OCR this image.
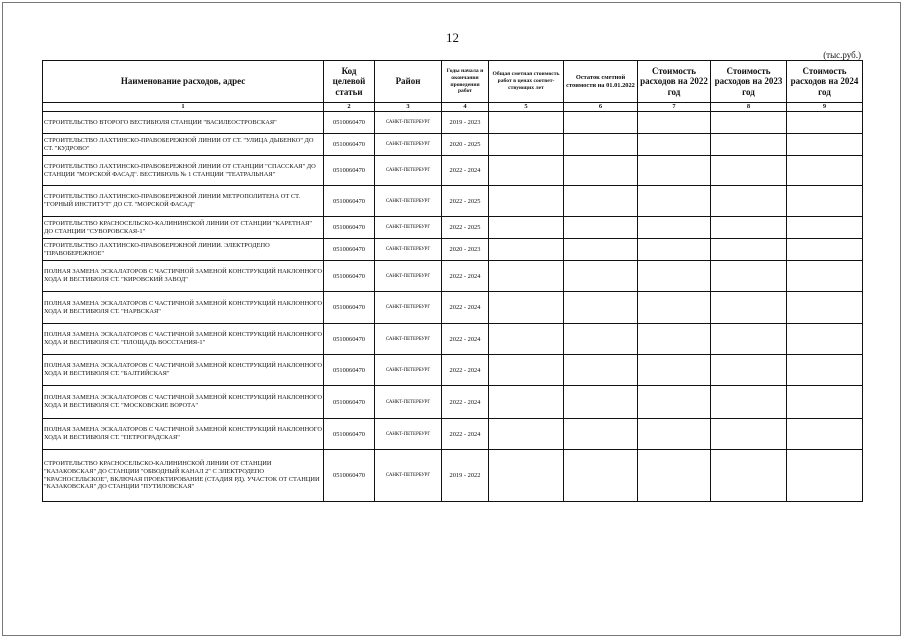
12
(тыс.руб.)
Наименование расходов, адрес	Код целевой статьи	Район	Годы начала и окончания проведения работ	Общая сметная стоимость работ в ценах соответ-ствующих лет	Остаток сметной стоимости на 01.01.2022	Стоимость расходов на 2022 год	Стоимость расходов на 2023 год	Стоимость расходов на 2024 год
1	2	3	4	5	6	7	8	9
СТРОИТЕЛЬСТВО ВТОРОГО ВЕСТИБЮЛЯ СТАНЦИИ "ВАСИЛЕОСТРОВСКАЯ"	0510060470	САНКТ-ПЕТЕРБУРГ	2019 - 2023					
СТРОИТЕЛЬСТВО ЛАХТИНСКО-ПРАВОБЕРЕЖНОЙ ЛИНИИ ОТ СТ. "УЛИЦА ДЫБЕНКО" ДО СТ. "КУДРОВО"	0510060470	САНКТ-ПЕТЕРБУРГ	2020 - 2025					
СТРОИТЕЛЬСТВО ЛАХТИНСКО-ПРАВОБЕРЕЖНОЙ ЛИНИИ ОТ СТАНЦИИ "СПАССКАЯ" ДО СТАНЦИИ "МОРСКОЙ ФАСАД". ВЕСТИБЮЛЬ № 1 СТАНЦИИ "ТЕАТРАЛЬНАЯ"	0510060470	САНКТ-ПЕТЕРБУРГ	2022 - 2024					
СТРОИТЕЛЬСТВО ЛАХТИНСКО-ПРАВОБЕРЕЖНОЙ ЛИНИИ МЕТРОПОЛИТЕНА ОТ СТ. "ГОРНЫЙ ИНСТИТУТ" ДО СТ. "МОРСКОЙ ФАСАД"	0510060470	САНКТ-ПЕТЕРБУРГ	2022 - 2025					
СТРОИТЕЛЬСТВО КРАСНОСЕЛЬСКО-КАЛИНИНСКОЙ ЛИНИИ ОТ СТАНЦИИ "КАРЕТНАЯ" ДО СТАНЦИИ "СУВОРОВСКАЯ-1"	0510060470	САНКТ-ПЕТЕРБУРГ	2022 - 2025					
СТРОИТЕЛЬСТВО ЛАХТИНСКО-ПРАВОБЕРЕЖНОЙ ЛИНИИ. ЭЛЕКТРОДЕПО "ПРАВОБЕРЕЖНОЕ"	0510060470	САНКТ-ПЕТЕРБУРГ	2020 - 2023					
ПОЛНАЯ ЗАМЕНА ЭСКАЛАТОРОВ С ЧАСТИЧНОЙ ЗАМЕНОЙ КОНСТРУКЦИЙ НАКЛОННОГО ХОДА И ВЕСТИБЮЛЯ СТ. "КИРОВСКИЙ ЗАВОД"	0510060470	САНКТ-ПЕТЕРБУРГ	2022 - 2024					
ПОЛНАЯ ЗАМЕНА ЭСКАЛАТОРОВ С ЧАСТИЧНОЙ ЗАМЕНОЙ КОНСТРУКЦИЙ НАКЛОННОГО ХОДА И ВЕСТИБЮЛЯ СТ. "НАРВСКАЯ"	0510060470	САНКТ-ПЕТЕРБУРГ	2022 - 2024					
ПОЛНАЯ ЗАМЕНА ЭСКАЛАТОРОВ С ЧАСТИЧНОЙ ЗАМЕНОЙ КОНСТРУКЦИЙ НАКЛОННОГО ХОДА И ВЕСТИБЮЛЯ СТ. "ПЛОЩАДЬ ВОССТАНИЯ-1"	0510060470	САНКТ-ПЕТЕРБУРГ	2022 - 2024					
ПОЛНАЯ ЗАМЕНА ЭСКАЛАТОРОВ С ЧАСТИЧНОЙ ЗАМЕНОЙ КОНСТРУКЦИЙ НАКЛОННОГО ХОДА И ВЕСТИБЮЛЯ СТ. "БАЛТИЙСКАЯ"	0510060470	САНКТ-ПЕТЕРБУРГ	2022 - 2024					
ПОЛНАЯ ЗАМЕНА ЭСКАЛАТОРОВ С ЧАСТИЧНОЙ ЗАМЕНОЙ КОНСТРУКЦИЙ НАКЛОННОГО ХОДА И ВЕСТИБЮЛЯ СТ. "МОСКОВСКИЕ ВОРОТА"	0510060470	САНКТ-ПЕТЕРБУРГ	2022 - 2024					
ПОЛНАЯ ЗАМЕНА ЭСКАЛАТОРОВ С ЧАСТИЧНОЙ ЗАМЕНОЙ КОНСТРУКЦИЙ НАКЛОННОГО ХОДА И ВЕСТИБЮЛЯ СТ. "ПЕТРОГРАДСКАЯ"	0510060470	САНКТ-ПЕТЕРБУРГ	2022 - 2024					
СТРОИТЕЛЬСТВО КРАСНОСЕЛЬСКО-КАЛИНИНСКОЙ ЛИНИИ ОТ СТАНЦИИ "КАЗАКОВСКАЯ" ДО СТАНЦИИ "ОБВОДНЫЙ КАНАЛ 2" С ЭЛЕКТРОДЕПО "КРАСНОСЕЛЬСКОЕ", ВКЛЮЧАЯ ПРОЕКТИРОВАНИЕ (СТАДИЯ РД). УЧАСТОК ОТ СТАНЦИИ "КАЗАКОВСКАЯ" ДО СТАНЦИИ "ПУТИЛОВСКАЯ"	0510060470	САНКТ-ПЕТЕРБУРГ	2019 - 2022					
